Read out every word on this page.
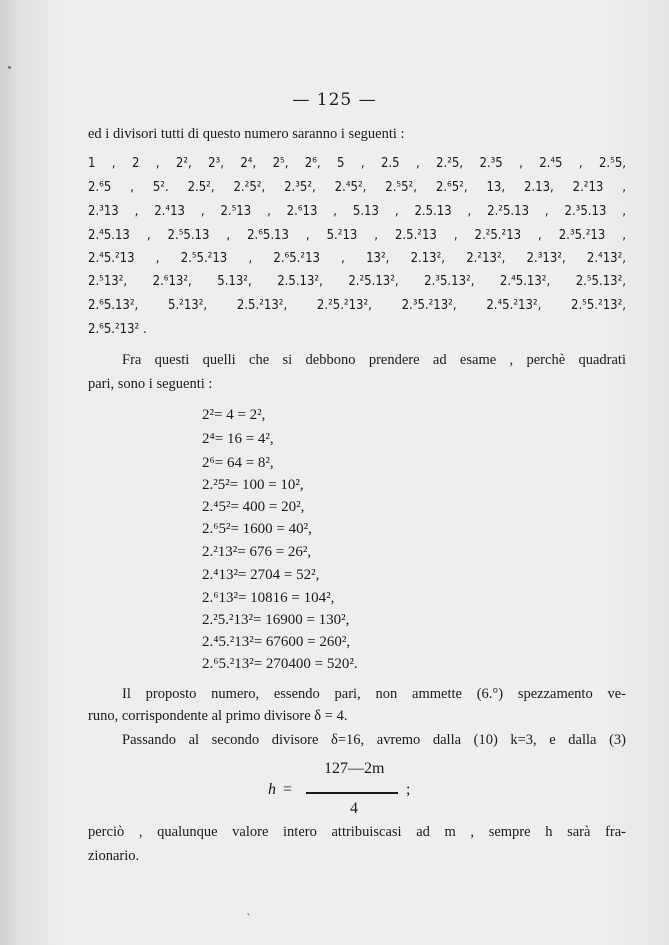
— 125 —
ed i divisori tutti di questo numero saranno i seguenti :
1 , 2 , 2², 2³, 2⁴, 2⁵, 2⁶, 5 , 2.5 , 2.²5, 2.³5 , 2.⁴5 , 2.⁵5,
2.⁶5 , 5². 2.5², 2.²5², 2.³5², 2.⁴5², 2.⁵5², 2.⁶5², 13, 2.13, 2.²13 ,
2.³13 , 2.⁴13 , 2.⁵13 , 2.⁶13 , 5.13 , 2.5.13 , 2.²5.13 , 2.³5.13 ,
2.⁴5.13 , 2.⁵5.13 , 2.⁶5.13 , 5.²13 , 2.5.²13 , 2.²5.²13 , 2.³5.²13 ,
2.⁴5.²13 , 2.⁵5.²13 , 2.⁶5.²13 , 13², 2.13², 2.²13², 2.³13², 2.⁴13²,
2.⁵13², 2.⁶13², 5.13², 2.5.13², 2.²5.13², 2.³5.13², 2.⁴5.13², 2.⁵5.13²,
2.⁶5.13², 5.²13², 2.5.²13², 2.²5.²13², 2.³5.²13², 2.⁴5.²13², 2.⁵5.²13²,
2.⁶5.²13² .
Fra questi quelli che si debbono prendere ad esame , perchè quadrati
pari, sono i seguenti :
2²= 4 = 2²,
2⁴= 16 = 4²,
2⁶= 64 = 8²,
2.²5²= 100 = 10²,
2.⁴5²= 400 = 20²,
2.⁶5²= 1600 = 40²,
2.²13²= 676 = 26²,
2.⁴13²= 2704 = 52²,
2.⁶13²= 10816 = 104²,
2.²5.²13²= 16900 = 130²,
2.⁴5.²13²= 67600 = 260²,
2.⁶5.²13²= 270400 = 520².
Il proposto numero, essendo pari, non ammette (6.°) spezzamento ve-
runo, corrispondente al primo divisore δ = 4.
Passando al secondo divisore δ=16, avremo dalla (10) k=3, e dalla (3)
h =
127—2m
4
;
perciò , qualunque valore intero attribuiscasi ad m , sempre h sarà fra-
zionario.
`
